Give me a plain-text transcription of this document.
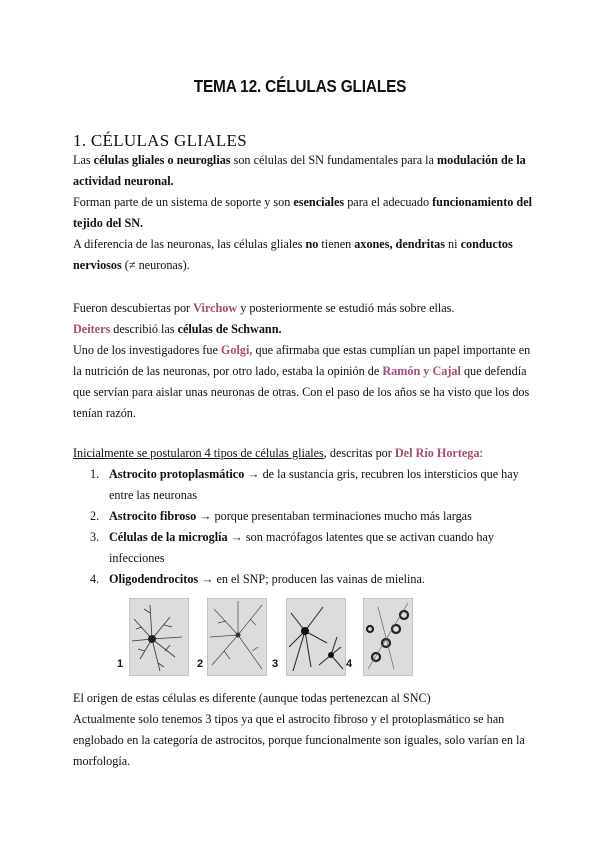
TEMA 12. CÉLULAS GLIALES
1. CÉLULAS GLIALES
Las células gliales o neuroglias son células del SN fundamentales para la modulación de la actividad neuronal.
Forman parte de un sistema de soporte y son esenciales para el adecuado funcionamiento del tejido del SN.
A diferencia de las neuronas, las células gliales no tienen axones, dendritas ni conductos nerviosos (≠ neuronas).
Fueron descubiertas por Virchow y posteriormente se estudió más sobre ellas.
Deiters describió las células de Schwann.
Uno de los investigadores fue Golgi, que afirmaba que estas cumplían un papel importante en la nutrición de las neuronas, por otro lado, estaba la opinión de Ramón y Cajal que defendía que servían para aislar unas neuronas de otras. Con el paso de los años se ha visto que los dos tenían razón.
Inicialmente se postularon 4 tipos de células gliales, descritas por Del Río Hortega:
1. Astrocito protoplasmático → de la sustancia gris, recubren los intersticios que hay entre las neuronas
2. Astrocito fibroso → porque presentaban terminaciones mucho más largas
3. Células de la microglía → son macrófagos latentes que se activan cuando hay infecciones
4. Oligodendrocitos → en el SNP; producen las vainas de mielina.
1	2	3	4
El origen de estas células es diferente (aunque todas pertenezcan al SNC)
Actualmente solo tenemos 3 tipos ya que el astrocito fibroso y el protoplasmático se han englobado en la categoría de astrocitos, porque funcionalmente son iguales, solo varían en la morfología.
